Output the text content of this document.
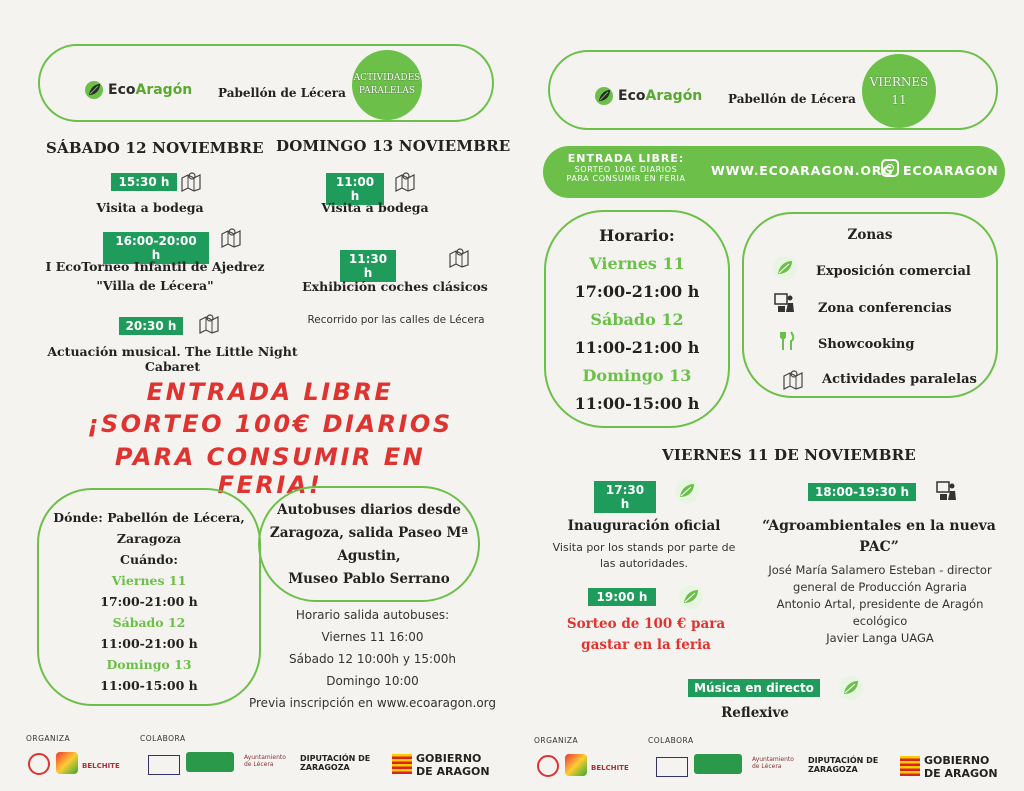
EcoAragón Pabellón de Lécera
ACTIVIDADES
PARALELAS
SÁBADO 12 NOVIEMBRE DOMINGO 13 NOVIEMBRE
15:30 h
Visita a bodega
16:00-20:00 h
I EcoTorneo Infantil de Ajedrez
"Villa de Lécera"
20:30 h
Actuación musical. The Little Night Cabaret
11:00 h
Visita a bodega
11:30 h
Exhibición coches clásicos
Recorrido por las calles de Lécera
ENTRADA LIBRE
¡SORTEO 100€ DIARIOS
PARA CONSUMIR EN FERIA!
Dónde: Pabellón de Lécera,
Zaragoza
Cuándo:
Viernes 11
17:00-21:00 h
Sábado 12
11:00-21:00 h
Domingo 13
11:00-15:00 h
Autobuses diarios desde
Zaragoza, salida Paseo Mª
Agustin,
Museo Pablo Serrano
Horario salida autobuses:
Viernes 11 16:00
Sábado 12 10:00h y 15:00h
Domingo 10:00
Previa inscripción en www.ecoaragon.org
EcoAragón Pabellón de Lécera
VIERNES
11
ENTRADA LIBRE:
SORTEO 100€ DIARIOS
PARA CONSUMIR EN FERIA
WWW.ECOARAGON.ORG ECOARAGON
Horario:
Viernes 11
17:00-21:00 h
Sábado 12
11:00-21:00 h
Domingo 13
11:00-15:00 h
Zonas
Exposición comercial
Zona conferencias
Showcooking
Actividades paralelas
VIERNES 11 DE NOVIEMBRE
17:30 h
Inauguración oficial
Visita por los stands por parte de
las autoridades.
19:00 h
Sorteo de 100 € para
gastar en la feria
18:00-19:30 h
“Agroambientales en la nueva
PAC”
José María Salamero Esteban - director
general de Producción Agraria
Antonio Artal, presidente de Aragón
ecológico
Javier Langa UAGA
Música en directo
Reflexive
ORGANIZA	COLABORA
BELCHITE
Ayuntamiento de Lécera
DIPUTACIÓN DE ZARAGOZA
GOBIERNO
DE ARAGON
ORGANIZA	COLABORA
BELCHITE
Ayuntamiento de Lécera
DIPUTACIÓN DE ZARAGOZA
GOBIERNO
DE ARAGON
